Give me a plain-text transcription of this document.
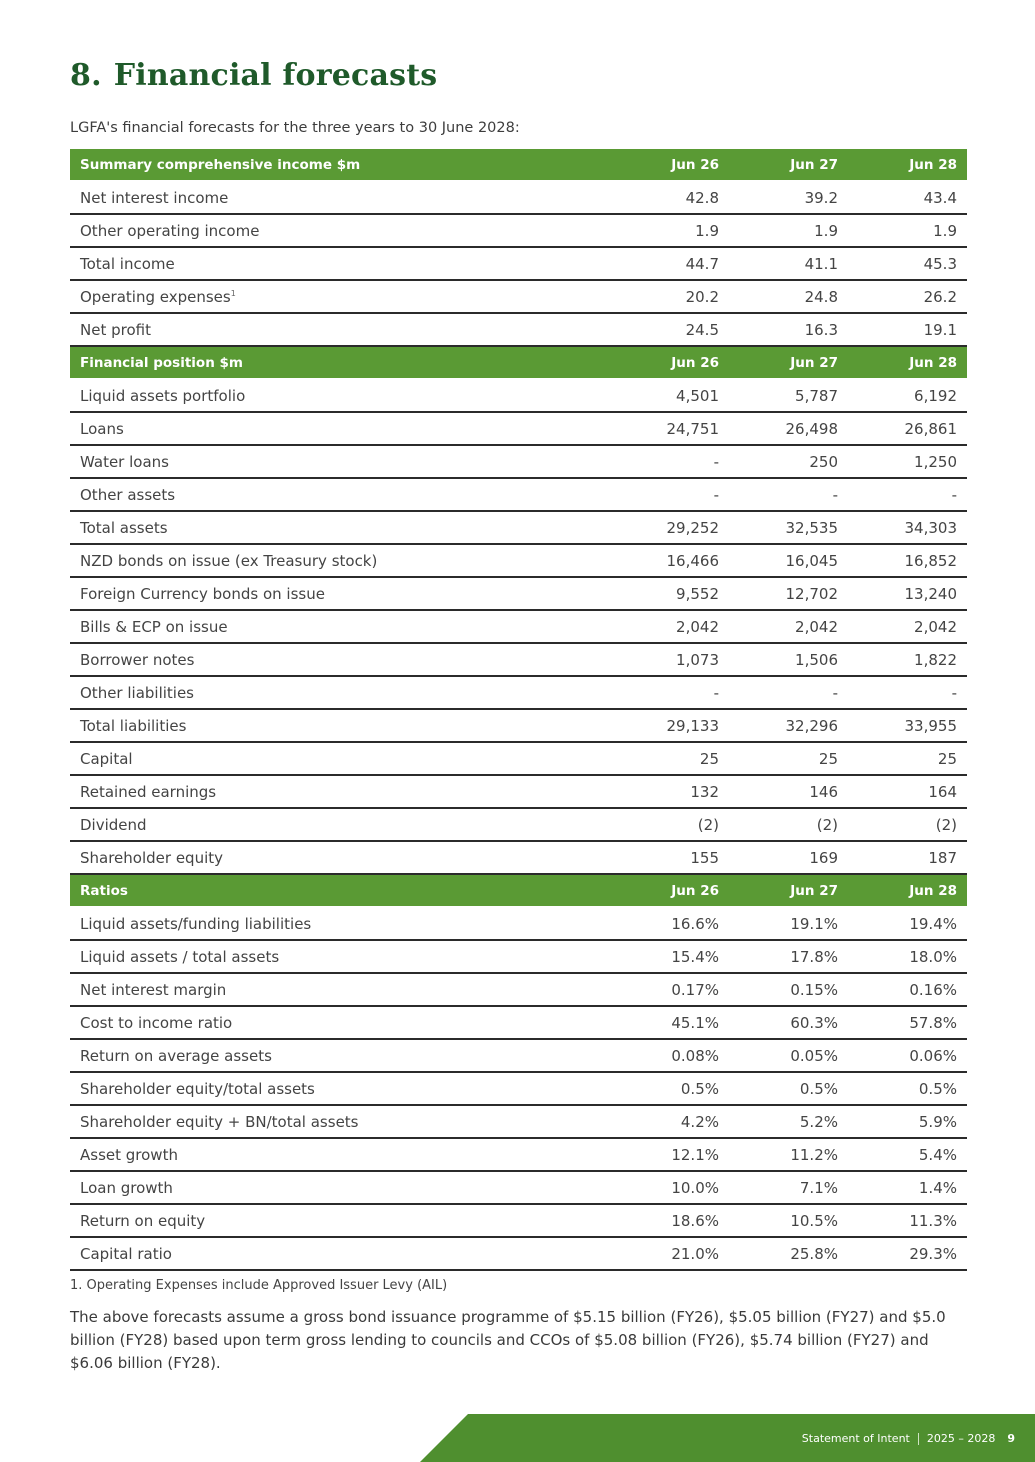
8. Financial forecasts
LGFA's financial forecasts for the three years to 30 June 2028:
Summary comprehensive income $m	Jun 26	Jun 27	Jun 28
Net interest income	42.8	39.2	43.4
Other operating income	1.9	1.9	1.9
Total income	44.7	41.1	45.3
Operating expenses$^1$	20.2	24.8	26.2
Net profit	24.5	16.3	19.1
Financial position $m	Jun 26	Jun 27	Jun 28
Liquid assets portfolio	4,501	5,787	6,192
Loans	24,751	26,498	26,861
Water loans	-	250	1,250
Other assets	-	-	-
Total assets	29,252	32,535	34,303
NZD bonds on issue (ex Treasury stock)	16,466	16,045	16,852
Foreign Currency bonds on issue	9,552	12,702	13,240
Bills & ECP on issue	2,042	2,042	2,042
Borrower notes	1,073	1,506	1,822
Other liabilities	-	-	-
Total liabilities	29,133	32,296	33,955
Capital	25	25	25
Retained earnings	132	146	164
Dividend	(2)	(2)	(2)
Shareholder equity	155	169	187
Ratios	Jun 26	Jun 27	Jun 28
Liquid assets/funding liabilities	16.6%	19.1%	19.4%
Liquid assets / total assets	15.4%	17.8%	18.0%
Net interest margin	0.17%	0.15%	0.16%
Cost to income ratio	45.1%	60.3%	57.8%
Return on average assets	0.08%	0.05%	0.06%
Shareholder equity/total assets	0.5%	0.5%	0.5%
Shareholder equity + BN/total assets	4.2%	5.2%	5.9%
Asset growth	12.1%	11.2%	5.4%
Loan growth	10.0%	7.1%	1.4%
Return on equity	18.6%	10.5%	11.3%
Capital ratio	21.0%	25.8%	29.3%
1. Operating Expenses include Approved Issuer Levy (AIL)
The above forecasts assume a gross bond issuance programme of $5.15 billion (FY26), $5.05 billion (FY27) and $5.0 billion (FY28) based upon term gross lending to councils and CCOs of $5.08 billion (FY26), $5.74 billion (FY27) and $6.06 billion (FY28).
Statement of Intent 2025 – 2028 9
